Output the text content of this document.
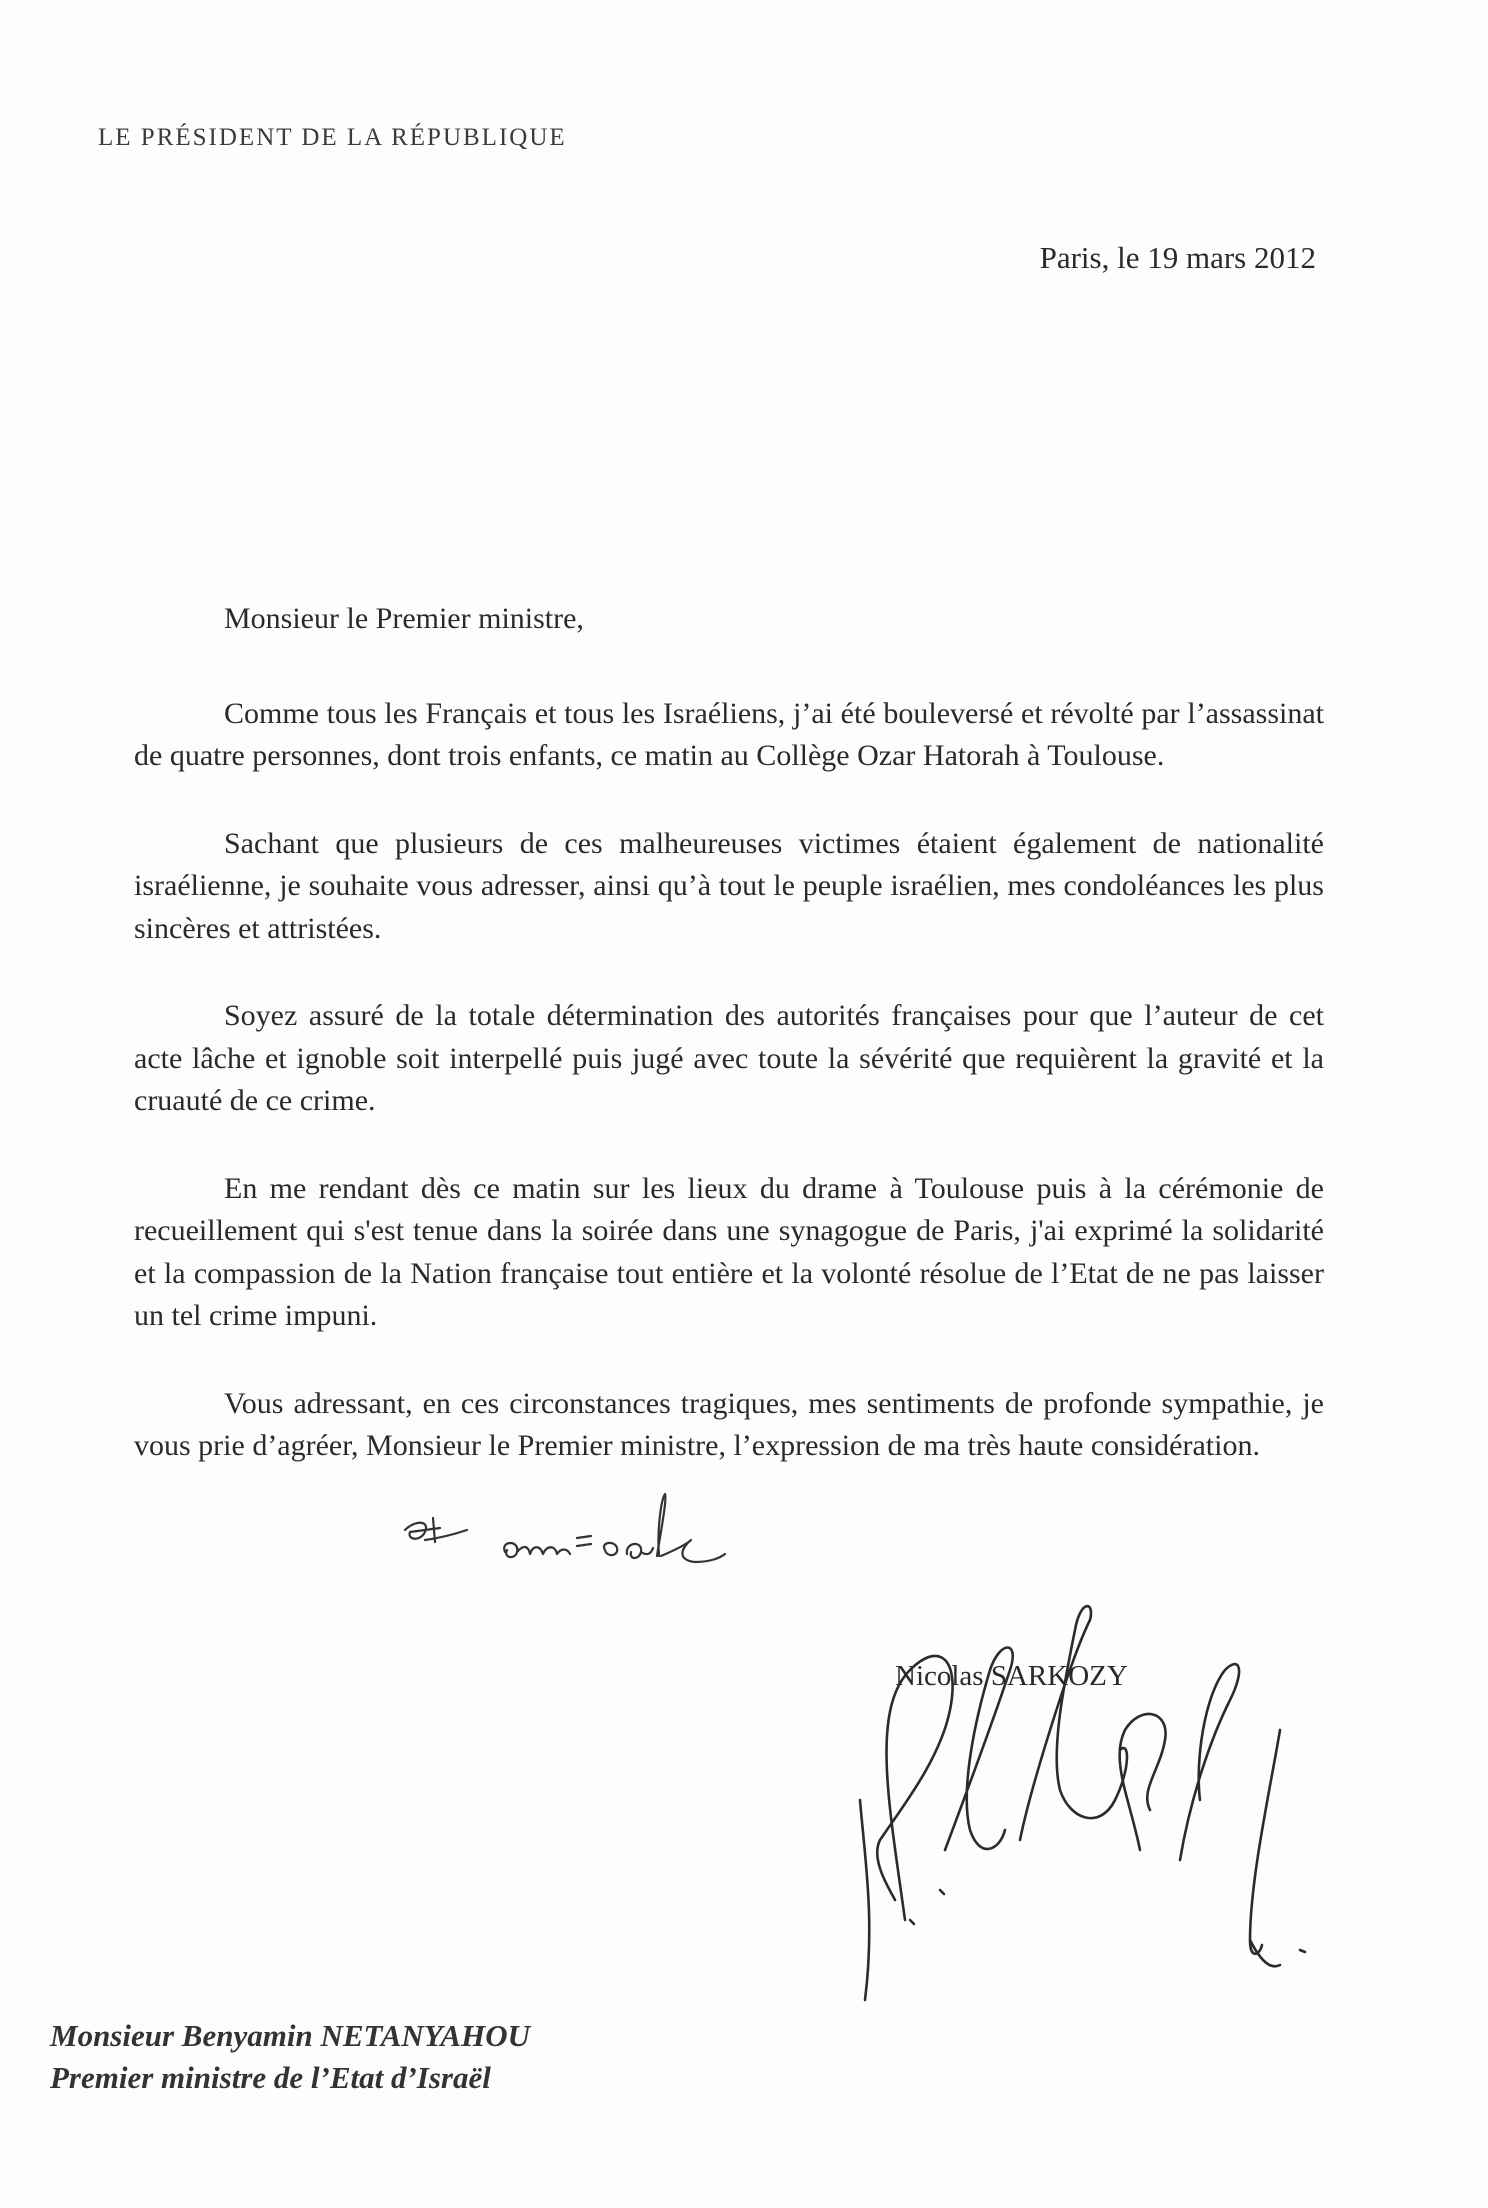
LE PRÉSIDENT DE LA RÉPUBLIQUE
Paris, le 19 mars 2012

Monsieur le Premier ministre,

Comme tous les Français et tous les Israéliens, j’ai été bouleversé et révolté par l’assassinat de quatre personnes, dont trois enfants, ce matin au Collège Ozar Hatorah à Toulouse.

Sachant que plusieurs de ces malheureuses victimes étaient également de nationalité israélienne, je souhaite vous adresser, ainsi qu’à tout le peuple israélien, mes condoléances les plus sincères et attristées.

Soyez assuré de la totale détermination des autorités françaises pour que l’auteur de cet acte lâche et ignoble soit interpellé puis jugé avec toute la sévérité que requièrent la gravité et la cruauté de ce crime.

En me rendant dès ce matin sur les lieux du drame à Toulouse puis à la cérémonie de recueillement qui s'est tenue dans la soirée dans une synagogue de Paris, j'ai exprimé la solidarité et la compassion de la Nation française tout entière et la volonté résolue de l’Etat de ne pas laisser un tel crime impuni.

Vous adressant, en ces circonstances tragiques, mes sentiments de profonde sympathie, je vous prie d’agréer, Monsieur le Premier ministre, l’expression de ma très haute considération.

Nicolas SARKOZY
Monsieur Benyamin NETANYAHOU
Premier ministre de l’Etat d’Israël
